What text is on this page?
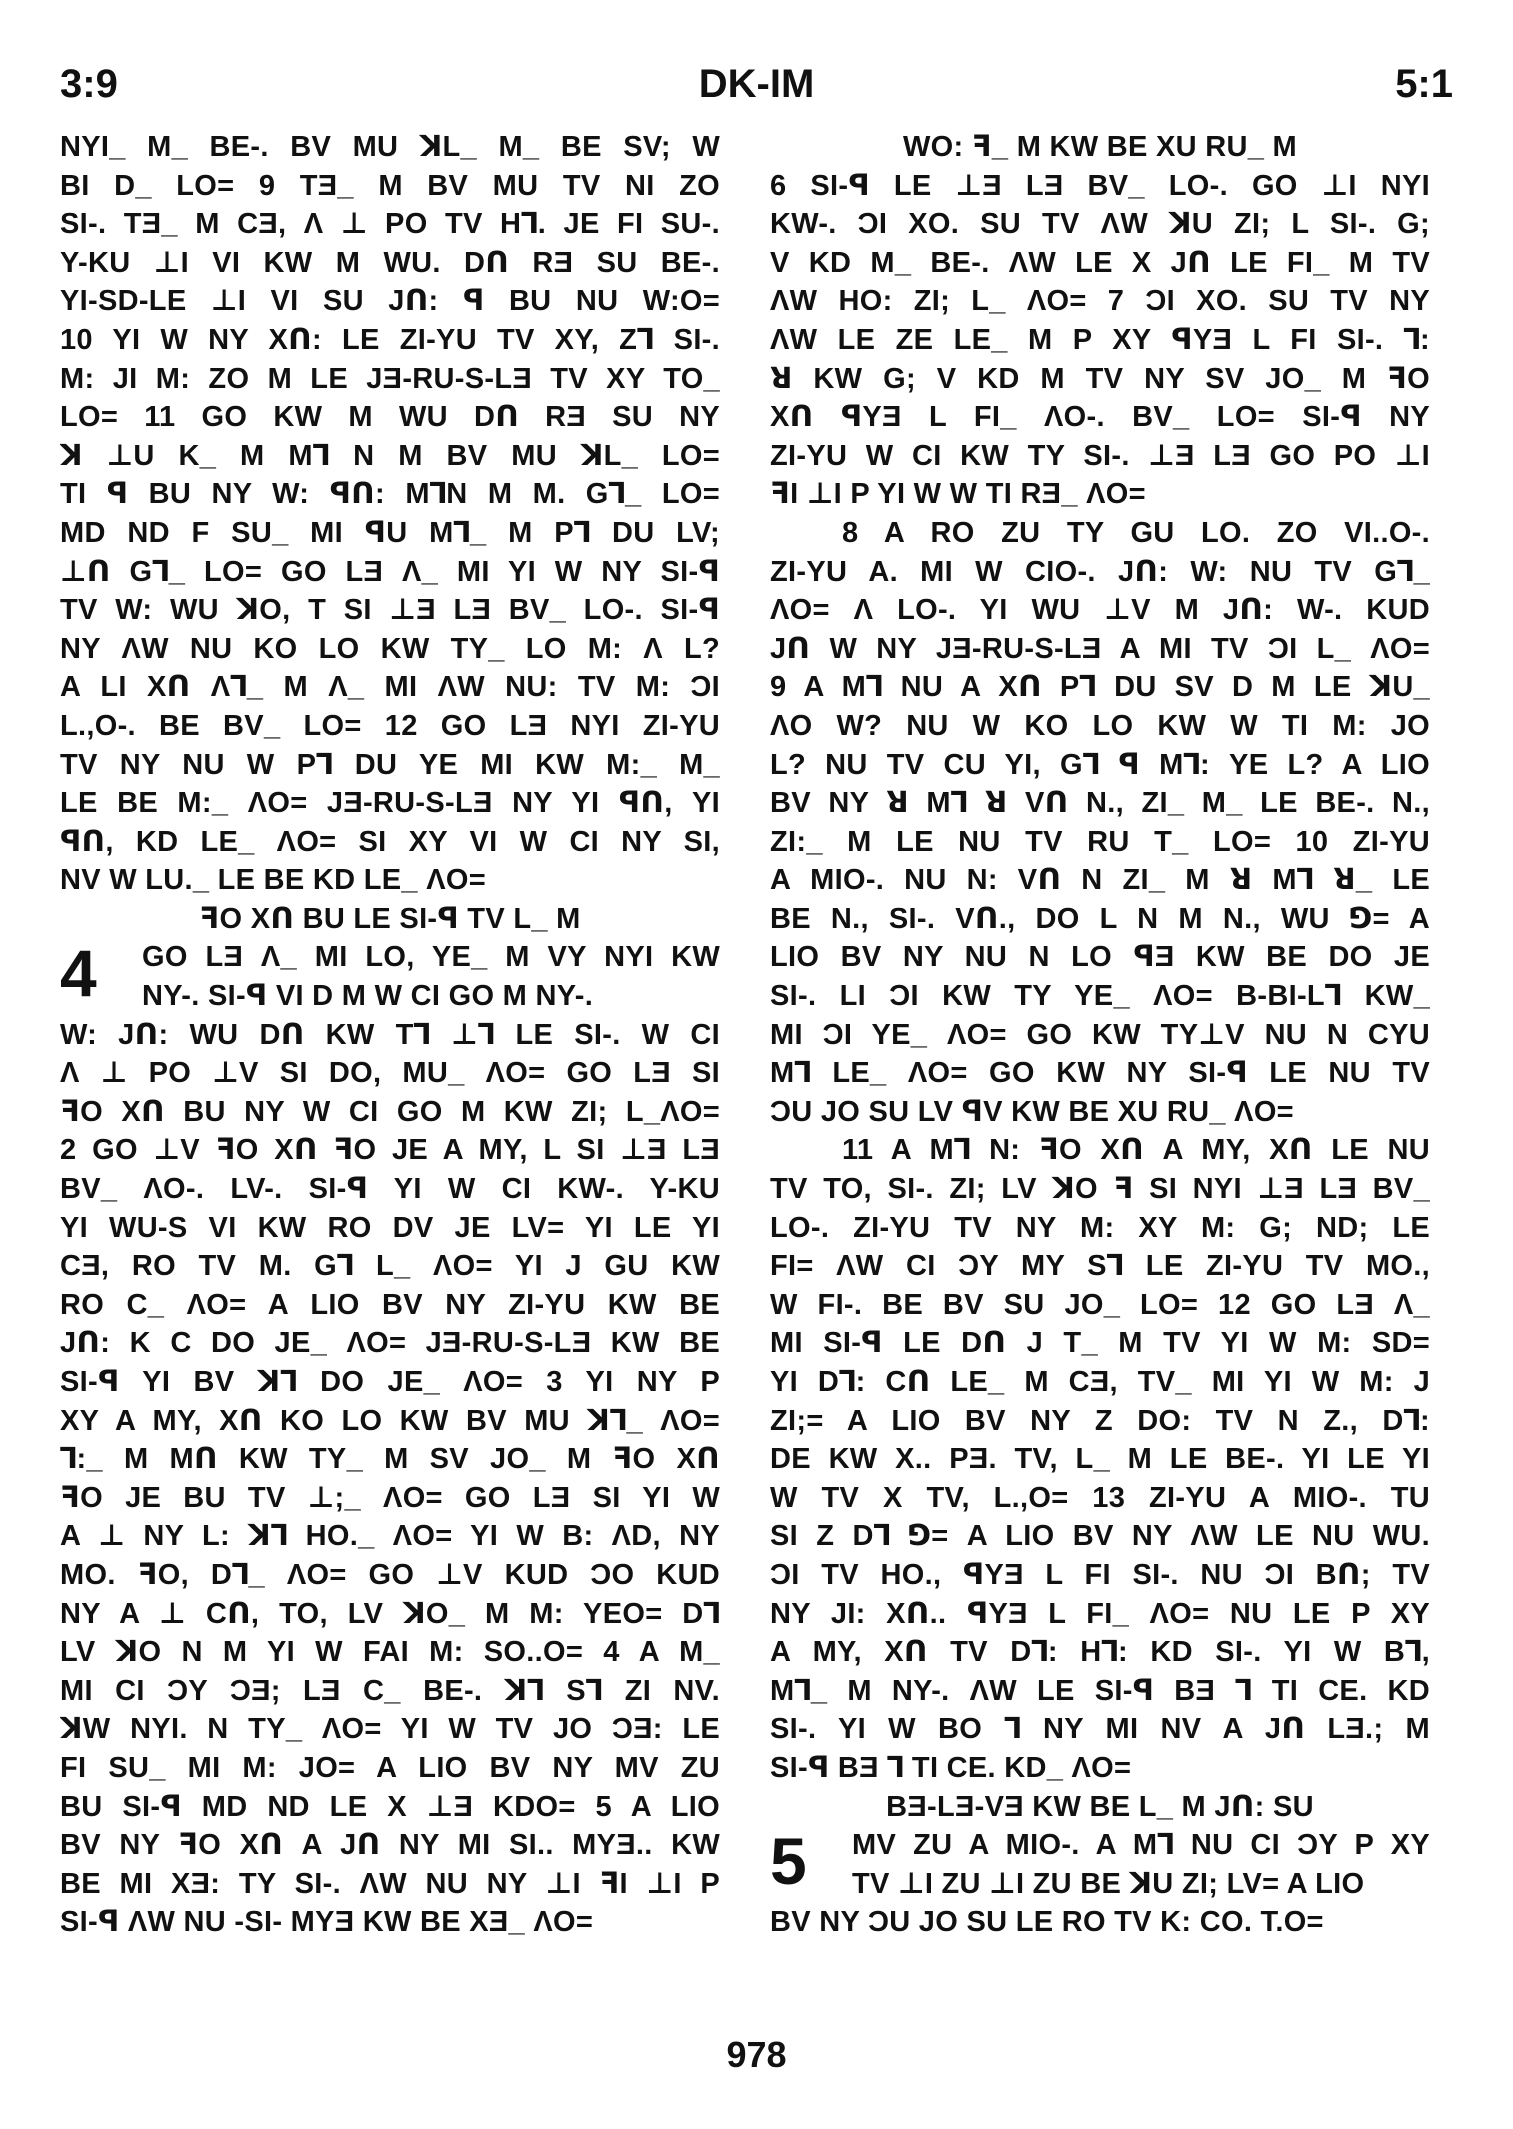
3:9	DK-IM	5:1
NYI_ M_ BE-. BV MU ꓘL_ M_ BE SV; W
BI D_ LO= 9 TƎ_ M BV MU TV NI ZO
SI-. TƎ_ M CƎ, Λ ⊥ PO TV Hꓶ. JE FI SU-.
Y-KU ⊥I VI KW M WU. Dꓵ RƎ SU BE-.
YI-SD-LE ⊥I VI SU Jꓵ: ꟼ BU NU W:O=
10 YI W NY Xꓵ: LE ZI-YU TV XY, Zꓶ SI-.
M: JI M: ZO M LE JƎ-RU-S-LƎ TV XY TO_
LO= 11 GO KW M WU Dꓵ RƎ SU NY
ꓘ ⊥U K_ M Mꓶ N M BV MU ꓘL_ LO=
TI ꟼ BU NY W: ꟼꓵ: MꓶN M M. Gꓶ_ LO=
MD ND F SU_ MI ꟼU Mꓶ_ M Pꓶ DU LV;
⊥ꓵ Gꓶ_ LO= GO LƎ Λ_ MI YI W NY SI-ꟼ
TV W: WU ꓘO, T SI ⊥Ǝ LƎ BV_ LO-. SI-ꟼ
NY ΛW NU KO LO KW TY_ LO M: Λ L?
A LI Xꓵ Λꓶ_ M Λ_ MI ΛW NU: TV M: ƆI
L.,O-. BE BV_ LO= 12 GO LƎ NYI ZI-YU
TV NY NU W Pꓶ DU YE MI KW M:_ M_
LE BE M:_ ΛO= JƎ-RU-S-LƎ NY YI ꟼꓵ, YI
ꟼꓵ, KD LE_ ΛO= SI XY VI W CI NY SI,
NV W LU._ LE BE KD LE_ ΛO=
ꟻO Xꓵ BU LE SI-ꟼ TV L_ M
4	GO LƎ Λ_ MI LO, YE_ M VY NYI KW
NY-. SI-ꟼ VI D M W CI GO M NY-.
W: Jꓵ: WU Dꓵ KW Tꓶ ⊥ꓶ LE SI-. W CI
Λ ⊥ PO ⊥V SI DO, MU_ ΛO= GO LƎ SI
ꟻO Xꓵ BU NY W CI GO M KW ZI; L_ΛO=
2 GO ⊥V ꟻO Xꓵ ꟻO JE A MY, L SI ⊥Ǝ LƎ
BV_ ΛO-. LV-. SI-ꟼ YI W CI KW-. Y-KU
YI WU-S VI KW RO DV JE LV= YI LE YI
CƎ, RO TV M. Gꓶ L_ ΛO= YI J GU KW
RO C_ ΛO= A LIO BV NY ZI-YU KW BE
Jꓵ: K C DO JE_ ΛO= JƎ-RU-S-LƎ KW BE
SI-ꟼ YI BV ꓘꓶ DO JE_ ΛO= 3 YI NY P
XY A MY, Xꓵ KO LO KW BV MU ꓘꓶ_ ΛO=
ꓶ:_ M Mꓵ KW TY_ M SV JO_ M ꟻO Xꓵ
ꟻO JE BU TV ⊥;_ ΛO= GO LƎ SI YI W
A ⊥ NY L: ꓘꓶ HO._ ΛO= YI W B: ΛD, NY
MO. ꟻO, Dꓶ_ ΛO= GO ⊥V KUD ƆO KUD
NY A ⊥ Cꓵ, TO, LV ꓘO_ M M: YEO= Dꓶ
LV ꓘO N M YI W FAI M: SO..O= 4 A M_
MI CI ƆY ƆƎ; LƎ C_ BE-. ꓘꓶ Sꓶ ZI NV.
ꓘW NYI. N TY_ ΛO= YI W TV JO ƆƎ: LE
FI SU_ MI M: JO= A LIO BV NY MV ZU
BU SI-ꟼ MD ND LE X ⊥Ǝ KDO= 5 A LIO
BV NY ꟻO Xꓵ A Jꓵ NY MI SI.. MYƎ.. KW
BE MI XƎ: TY SI-. ΛW NU NY ⊥I ꟻI ⊥I P
SI-ꟼ ΛW NU -SI- MYƎ KW BE XƎ_ ΛO=
WO: ꟻ_ M KW BE XU RU_ M
6 SI-ꟼ LE ⊥Ǝ LƎ BV_ LO-. GO ⊥I NYI
KW-. ƆI XO. SU TV ΛW ꓘU ZI; L SI-. G;
V KD M_ BE-. ΛW LE X Jꓵ LE FI_ M TV
ΛW HO: ZI; L_ ΛO= 7 ƆI XO. SU TV NY
ΛW LE ZE LE_ M P XY ꟼYƎ L FI SI-. ꓶ:
ꓤ KW G; V KD M TV NY SV JO_ M ꟻO
Xꓵ ꟼYƎ L FI_ ΛO-. BV_ LO= SI-ꟼ NY
ZI-YU W CI KW TY SI-. ⊥Ǝ LƎ GO PO ⊥I
ꟻI ⊥I P YI W W TI RƎ_ ΛO=
8 A RO ZU TY GU LO. ZO VI..O-.
ZI-YU A. MI W CIO-. Jꓵ: W: NU TV Gꓶ_
ΛO= Λ LO-. YI WU ⊥V M Jꓵ: W-. KUD
Jꓵ W NY JƎ-RU-S-LƎ A MI TV ƆI L_ ΛO=
9 A Mꓶ NU A Xꓵ Pꓶ DU SV D M LE ꓘU_
ΛO W? NU W KO LO KW W TI M: JO
L? NU TV CU YI, Gꓶ ꟼ Mꓶ: YE L? A LIO
BV NY ꓤ Mꓶ ꓤ Vꓵ N., ZI_ M_ LE BE-. N.,
ZI:_ M LE NU TV RU T_ LO= 10 ZI-YU
A MIO-. NU N: Vꓵ N ZI_ M ꓤ Mꓶ ꓤ_ LE
BE N., SI-. Vꓵ., DO L N M N., WU ⅁= A
LIO BV NY NU N LO ꟼƎ KW BE DO JE
SI-. LI ƆI KW TY YE_ ΛO= B-BI-Lꓶ KW_
MI ƆI YE_ ΛO= GO KW TY⊥V NU N CYU
Mꓶ LE_ ΛO= GO KW NY SI-ꟼ LE NU TV
ƆU JO SU LV ꟼV KW BE XU RU_ ΛO=
11 A Mꓶ N: ꟻO Xꓵ A MY, Xꓵ LE NU
TV TO, SI-. ZI; LV ꓘO ꟻ SI NYI ⊥Ǝ LƎ BV_
LO-. ZI-YU TV NY M: XY M: G; ND; LE
FI= ΛW CI ƆY MY Sꓶ LE ZI-YU TV MO.,
W FI-. BE BV SU JO_ LO= 12 GO LƎ Λ_
MI SI-ꟼ LE Dꓵ J T_ M TV YI W M: SD=
YI Dꓶ: Cꓵ LE_ M CƎ, TV_ MI YI W M: J
ZI;= A LIO BV NY Z DO: TV N Z., Dꓶ:
DE KW X.. PƎ. TV, L_ M LE BE-. YI LE YI
W TV X TV, L.,O= 13 ZI-YU A MIO-. TU
SI Z Dꓶ ⅁= A LIO BV NY ΛW LE NU WU.
ƆI TV HO., ꟼYƎ L FI SI-. NU ƆI Bꓵ; TV
NY JI: Xꓵ.. ꟼYƎ L FI_ ΛO= NU LE P XY
A MY, Xꓵ TV Dꓶ: Hꓶ: KD SI-. YI W Bꓶ,
Mꓶ_ M NY-. ΛW LE SI-ꟼ BƎ ꓶ TI CE. KD
SI-. YI W BO ꓶ NY MI NV A Jꓵ LƎ.; M
SI-ꟼ BƎ ꓶ TI CE. KD_ ΛO=
BƎ-LƎ-VƎ KW BE L_ M Jꓵ: SU
5	MV ZU A MIO-. A Mꓶ NU CI ƆY P XY
TV ⊥I ZU ⊥I ZU BE ꓘU ZI; LV= A LIO
BV NY ƆU JO SU LE RO TV K: CO. T.O=
978
